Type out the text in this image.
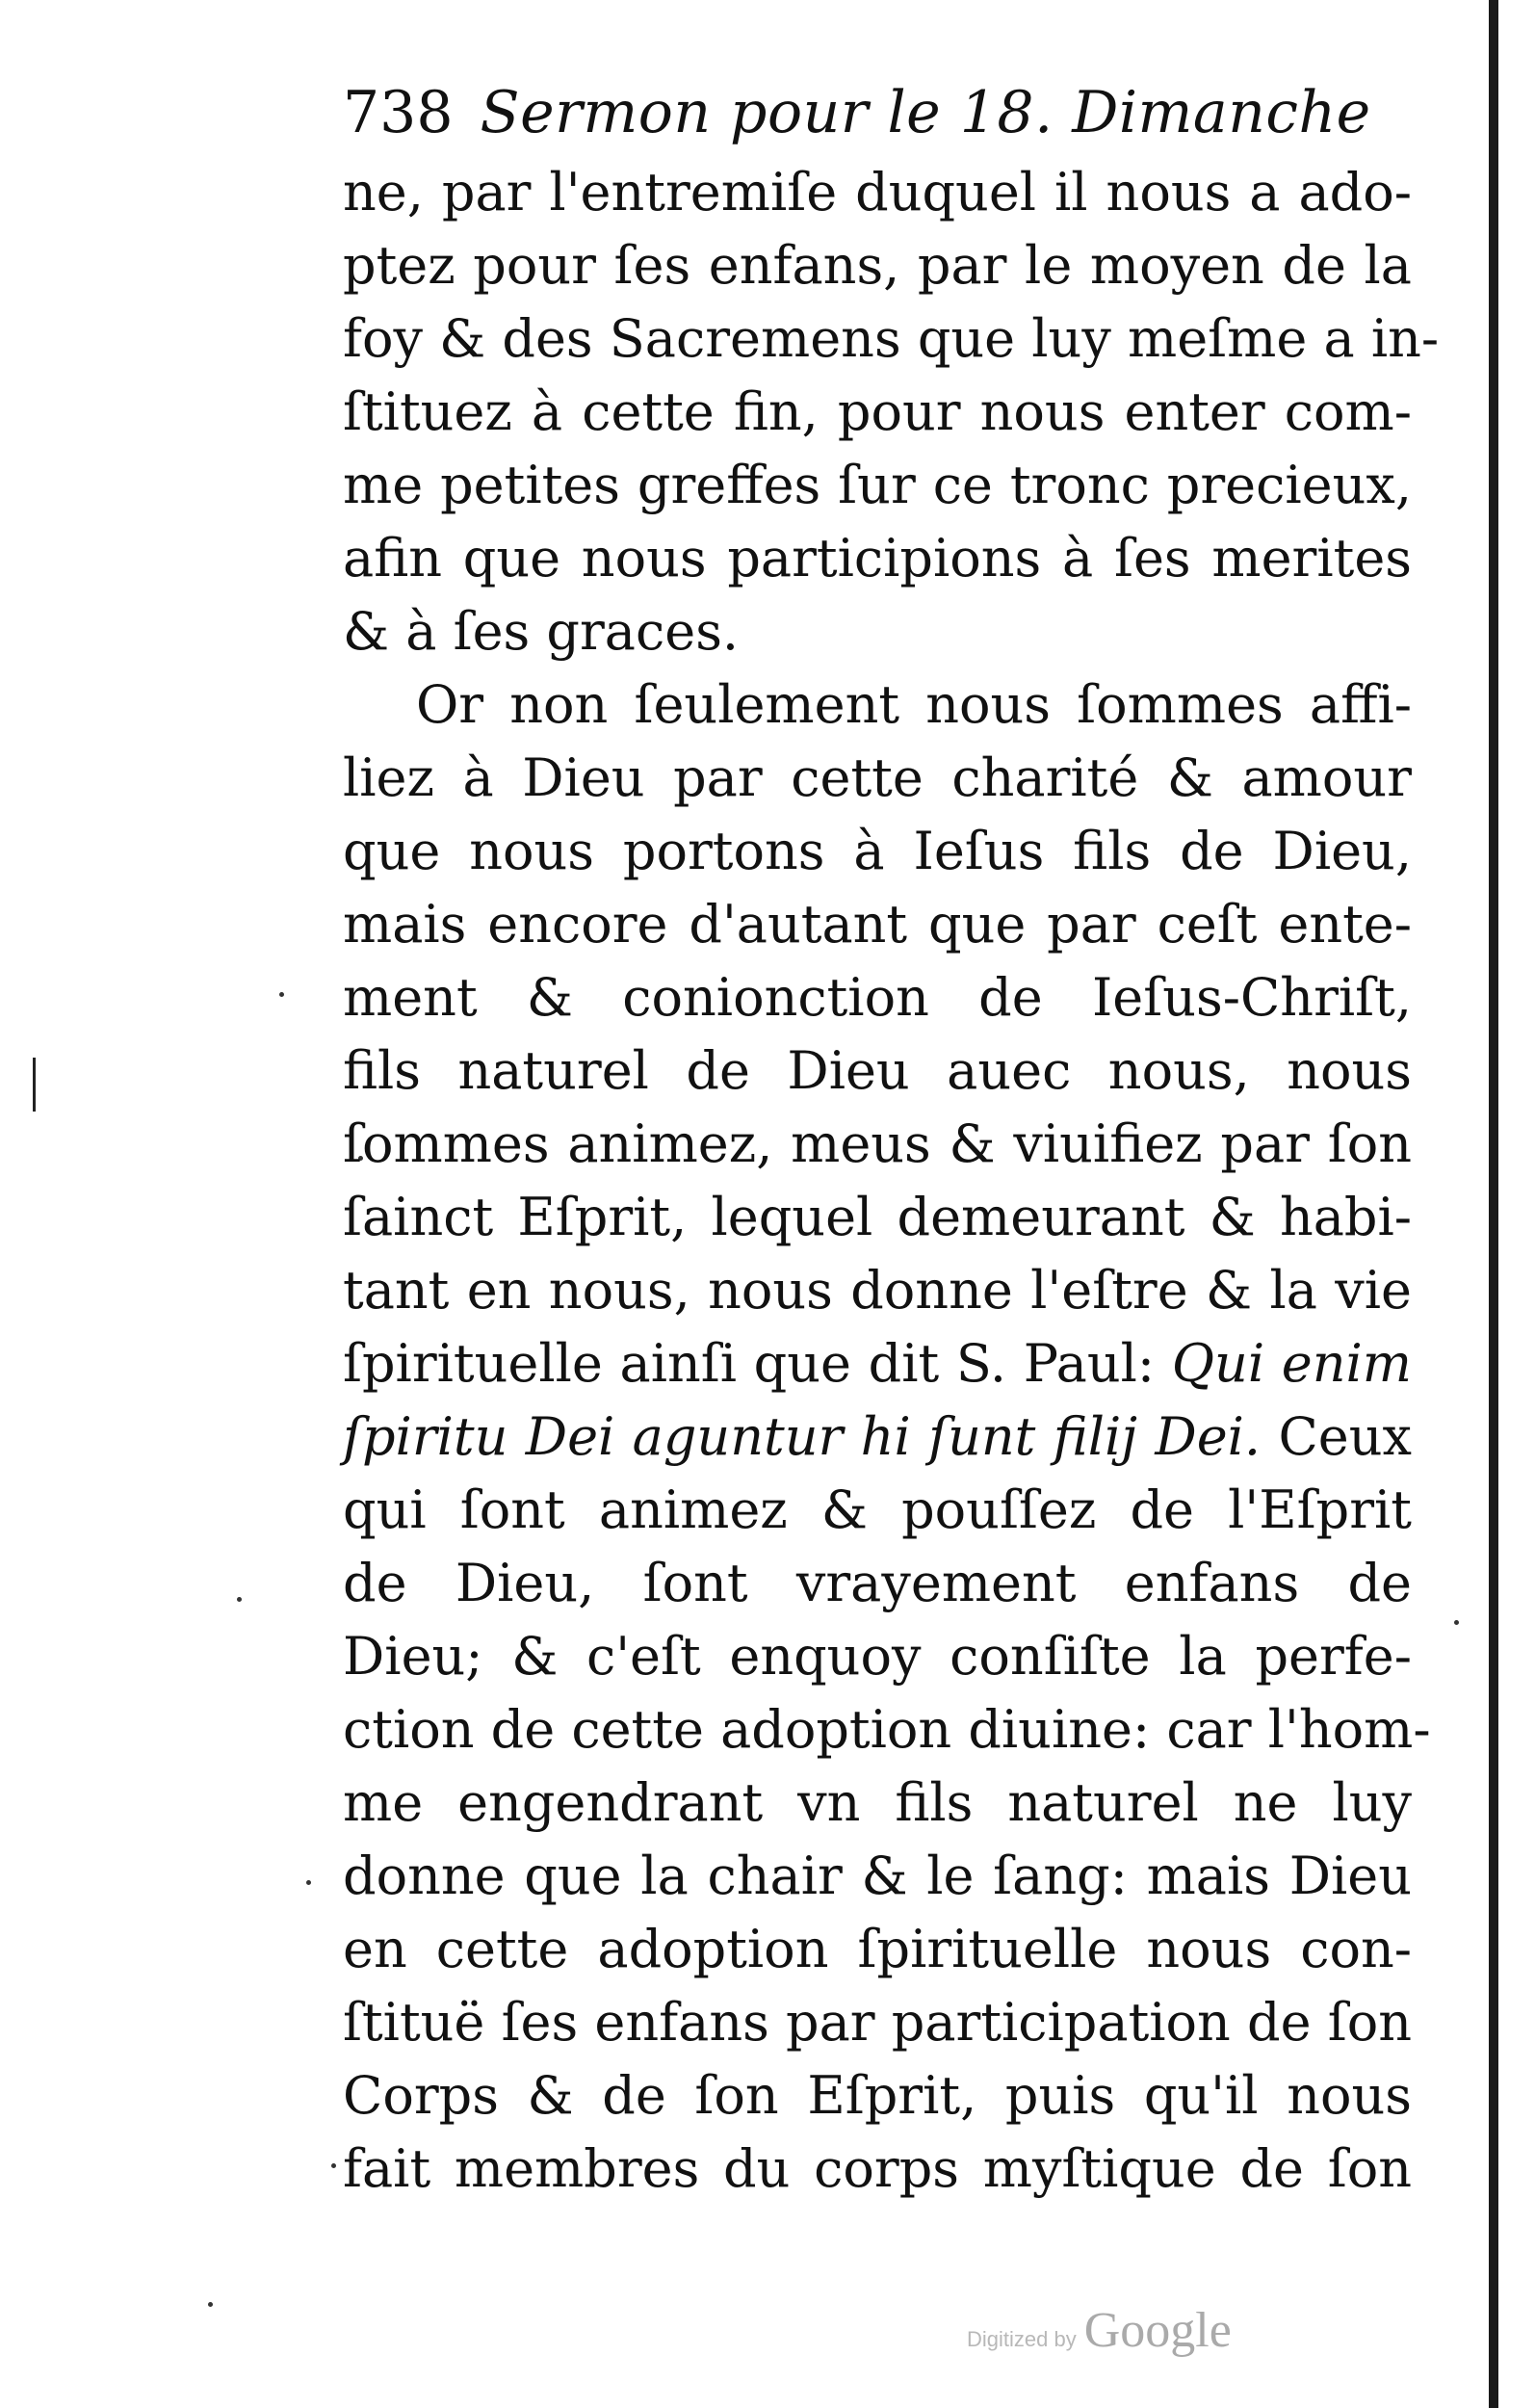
738 Sermon pour le 18. Dimanche
ne, par l'entremiſe duquel il nous a ado-
ptez pour ſes enfans, par le moyen de la
foy & des Sacremens que luy meſme a in-
ſtituez à cette fin, pour nous enter com-
me petites greffes ſur ce tronc precieux,
afin que nous participions à ſes merites
& à ſes graces.
Or non ſeulement nous ſommes affi-
liez à Dieu par cette charité & amour
que nous portons à Ieſus fils de Dieu,
mais encore d'autant que par ceſt ente-
ment & conionction de Ieſus-Chriſt,
fils naturel de Dieu auec nous, nous
ſommes animez, meus & viuifiez par ſon
ſainct Eſprit, lequel demeurant & habi-
tant en nous, nous donne l'eſtre & la vie
ſpirituelle ainſi que dit S. Paul: Qui enim
ſpiritu Dei aguntur hi ſunt filij Dei. Ceux
qui ſont animez & pouſſez de l'Eſprit
de Dieu, ſont vrayement enfans de
Dieu; & c'eſt enquoy conſiſte la perfe-
ction de cette adoption diuine: car l'hom-
me engendrant vn fils naturel ne luy
donne que la chair & le ſang: mais Dieu
en cette adoption ſpirituelle nous con-
ſtituë ſes enfans par participation de ſon
Corps & de ſon Eſprit, puis qu'il nous
fait membres du corps myſtique de ſon
Digitized by Google
